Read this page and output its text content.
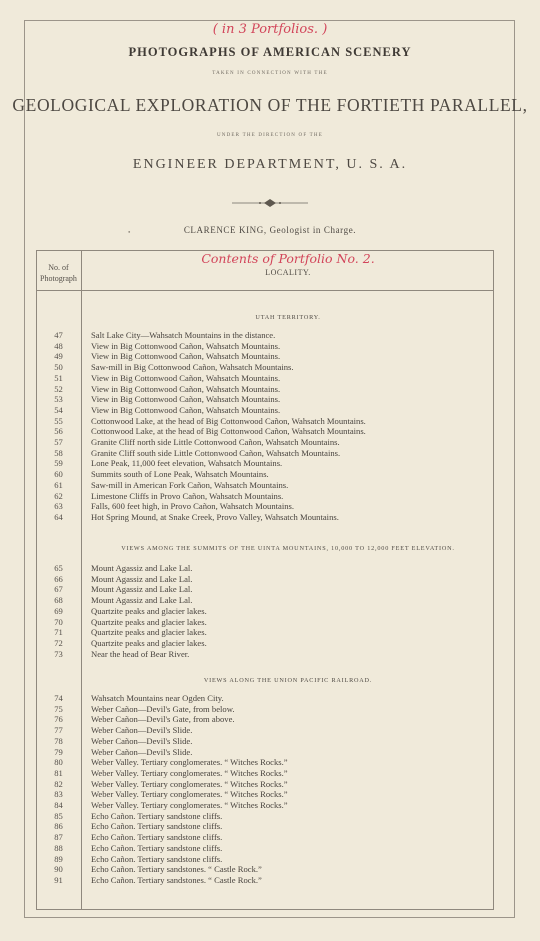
( in 3 Portfolios. )
PHOTOGRAPHS OF AMERICAN SCENERY
TAKEN IN CONNECTION WITH THE
GEOLOGICAL EXPLORATION OF THE FORTIETH PARALLEL,
UNDER THE DIRECTION OF THE
ENGINEER DEPARTMENT, U. S. A.
●	CLARENCE KING, Geologist in Charge.
No. of
Photograph
Contents of Portfolio No. 2.
LOCALITY.
UTAH TERRITORY.
47	Salt Lake City—Wahsatch Mountains in the distance.
48	View in Big Cottonwood Cañon, Wahsatch Mountains.
49	View in Big Cottonwood Cañon, Wahsatch Mountains.
50	Saw-mill in Big Cottonwood Cañon, Wahsatch Mountains.
51	View in Big Cottonwood Cañon, Wahsatch Mountains.
52	View in Big Cottonwood Cañon, Wahsatch Mountains.
53	View in Big Cottonwood Cañon, Wahsatch Mountains.
54	View in Big Cottonwood Cañon, Wahsatch Mountains.
55	Cottonwood Lake, at the head of Big Cottonwood Cañon, Wahsatch Mountains.
56	Cottonwood Lake, at the head of Big Cottonwood Cañon, Wahsatch Mountains.
57	Granite Cliff north side Little Cottonwood Cañon, Wahsatch Mountains.
58	Granite Cliff south side Little Cottonwood Cañon, Wahsatch Mountains.
59	Lone Peak, 11,000 feet elevation, Wahsatch Mountains.
60	Summits south of Lone Peak, Wahsatch Mountains.
61	Saw-mill in American Fork Cañon, Wahsatch Mountains.
62	Limestone Cliffs in Provo Cañon, Wahsatch Mountains.
63	Falls, 600 feet high, in Provo Cañon, Wahsatch Mountains.
64	Hot Spring Mound, at Snake Creek, Provo Valley, Wahsatch Mountains.
VIEWS AMONG THE SUMMITS OF THE UINTA MOUNTAINS, 10,000 TO 12,000 FEET ELEVATION.
65	Mount Agassiz and Lake Lal.
66	Mount Agassiz and Lake Lal.
67	Mount Agassiz and Lake Lal.
68	Mount Agassiz and Lake Lal.
69	Quartzite peaks and glacier lakes.
70	Quartzite peaks and glacier lakes.
71	Quartzite peaks and glacier lakes.
72	Quartzite peaks and glacier lakes.
73	Near the head of Bear River.
VIEWS ALONG THE UNION PACIFIC RAILROAD.
74	Wahsatch Mountains near Ogden City.
75	Weber Cañon—Devil's Gate, from below.
76	Weber Cañon—Devil's Gate, from above.
77	Weber Cañon—Devil's Slide.
78	Weber Cañon—Devil's Slide.
79	Weber Cañon—Devil's Slide.
80	Weber Valley. Tertiary conglomerates. “ Witches Rocks.”
81	Weber Valley. Tertiary conglomerates. “ Witches Rocks.”
82	Weber Valley. Tertiary conglomerates. “ Witches Rocks.”
83	Weber Valley. Tertiary conglomerates. “ Witches Rocks.”
84	Weber Valley. Tertiary conglomerates. “ Witches Rocks.”
85	Echo Cañon. Tertiary sandstone cliffs.
86	Echo Cañon. Tertiary sandstone cliffs.
87	Echo Cañon. Tertiary sandstone cliffs.
88	Echo Cañon. Tertiary sandstone cliffs.
89	Echo Cañon. Tertiary sandstone cliffs.
90	Echo Cañon. Tertiary sandstones. “ Castle Rock.”
91	Echo Cañon. Tertiary sandstones. “ Castle Rock.”
